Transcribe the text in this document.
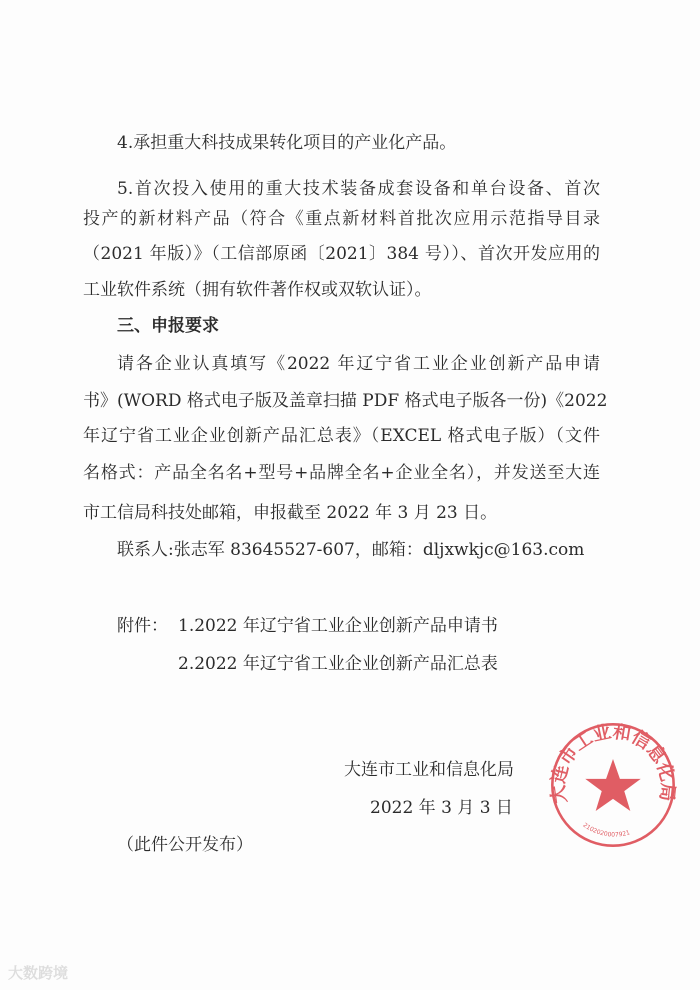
4.承担重大科技成果转化项目的产业化产品。
5.首次投入使用的重大技术装备成套设备和单台设备、首次
投产的新材料产品（符合《重点新材料首批次应用示范指导目录
（2021 年版）》（工信部原函〔2021〕384 号））、首次开发应用的
工业软件系统（拥有软件著作权或双软认证）。
三、申报要求
请各企业认真填写《2022 年辽宁省工业企业创新产品申请
书》(WORD 格式电子版及盖章扫描 PDF 格式电子版各一份)《2022
年辽宁省工业企业创新产品汇总表》（EXCEL 格式电子版）（文件
名格式：产品全名名+型号+品牌全名+企业全名），并发送至大连
市工信局科技处邮箱，申报截至 2022 年 3 月 23 日。
联系人:张志军 83645527-607，邮箱：dljxwkjc@163.com
附件： 1.2022 年辽宁省工业企业创新产品申请书
2.2022 年辽宁省工业企业创新产品汇总表
大连市工业和信息化局
2102020007921
大连市工业和信息化局
2022 年 3 月 3 日
（此件公开发布）
大数跨境
